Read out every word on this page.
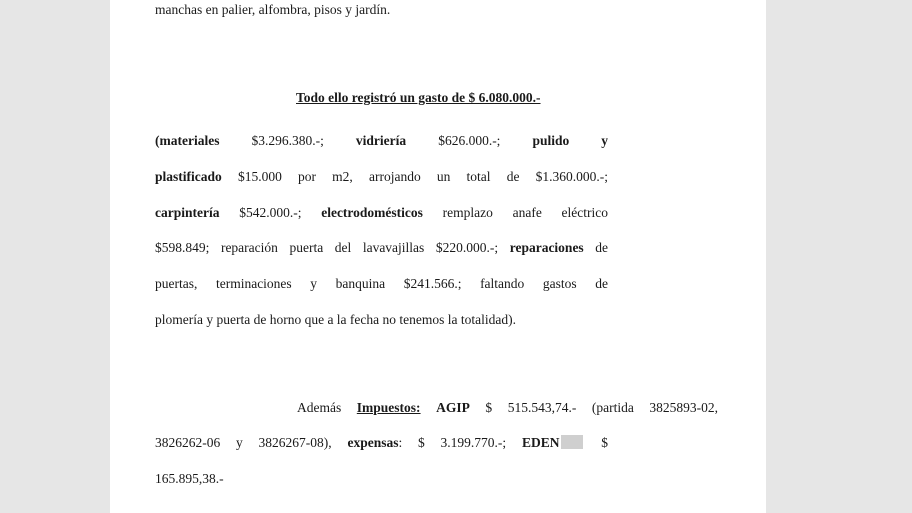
manchas en palier, alfombra, pisos y jardín.
Todo ello registró un gasto de $ 6.080.000.-
(materiales $3.296.380.-; vidriería $626.000.-; pulido y
plastificado $15.000 por m2, arrojando un total de $1.360.000.-;
carpintería $542.000.-; electrodomésticos remplazo anafe eléctrico
$598.849; reparación puerta del lavavajillas $220.000.-; reparaciones de
puertas, terminaciones y banquina $241.566.; faltando gastos de
plomería y puerta de horno que a la fecha no tenemos la totalidad).
Además Impuestos: AGIP $ 515.543,74.- (partida 3825893-02,
3826262-06 y 3826267-08), expensas: $ 3.199.770.-; EDEN	$
165.895,38.-
